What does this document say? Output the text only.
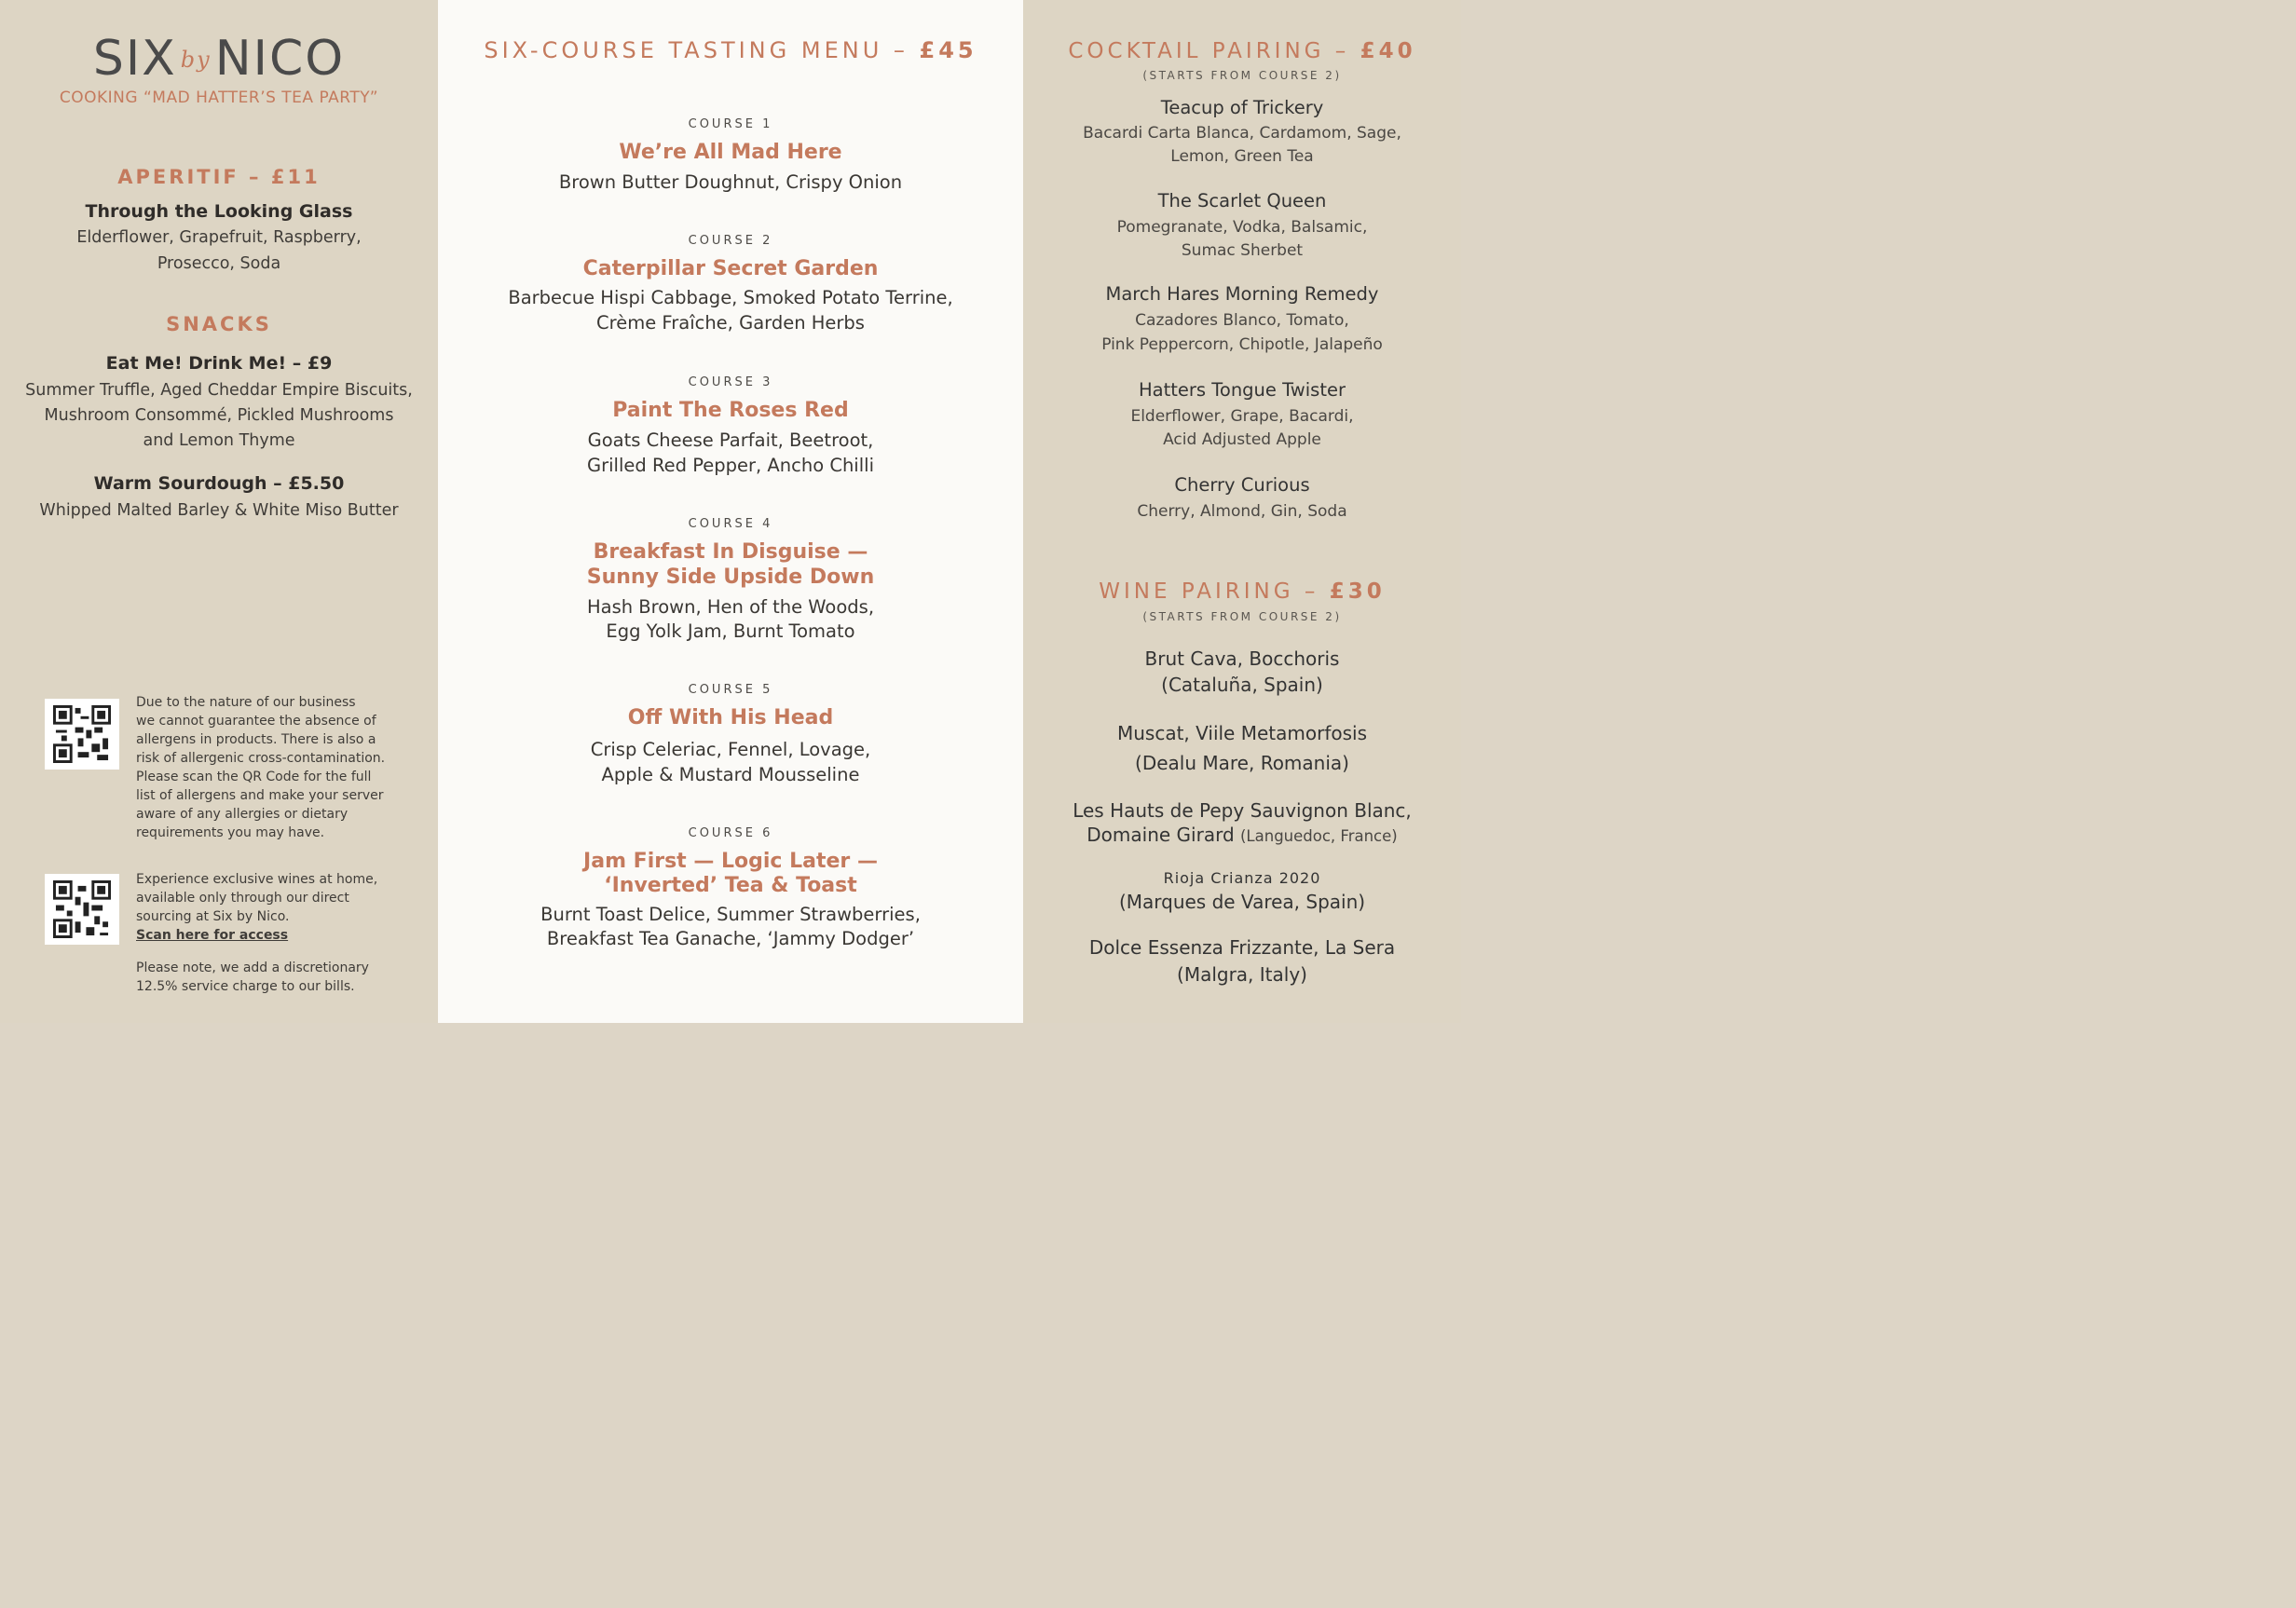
SIX byNICO

COOKING “MAD HATTER’S TEA PARTY”

APERITIF – £11

Through the Looking Glass

Elderflower, Grapefruit, Raspberry,

Prosecco, Soda

SNACKS

Eat Me! Drink Me! – £9

Summer Truffle, Aged Cheddar Empire Biscuits,

Mushroom Consommé, Pickled Mushrooms

and Lemon Thyme

Warm Sourdough – £5.50

Whipped Malted Barley & White Miso Butter

Due to the nature of our business
we cannot guarantee the absence of
allergens in products. There is also a
risk of allergenic cross-contamination.
Please scan the QR Code for the full
list of allergens and make your server
aware of any allergies or dietary
requirements you may have.
Experience exclusive wines at home,
available only through our direct
sourcing at Six by Nico.
Scan here for access
Please note, we add a discretionary
12.5% service charge to our bills.

SIX-COURSE TASTING MENU – £45

COURSE 1

We’re All Mad Here

Brown Butter Doughnut, Crispy Onion

COURSE 2

Caterpillar Secret Garden

Barbecue Hispi Cabbage, Smoked Potato Terrine,

Crème Fraîche, Garden Herbs

COURSE 3

Paint The Roses Red

Goats Cheese Parfait, Beetroot,

Grilled Red Pepper, Ancho Chilli

COURSE 4

Breakfast In Disguise —

Sunny Side Upside Down

Hash Brown, Hen of the Woods,

Egg Yolk Jam, Burnt Tomato

COURSE 5

Off With His Head

Crisp Celeriac, Fennel, Lovage,

Apple & Mustard Mousseline

COURSE 6

Jam First — Logic Later —

‘Inverted’ Tea & Toast

Burnt Toast Delice, Summer Strawberries,

Breakfast Tea Ganache, ‘Jammy Dodger’

COCKTAIL PAIRING – £40

(STARTS FROM COURSE 2)

Teacup of Trickery

Bacardi Carta Blanca, Cardamom, Sage,

Lemon, Green Tea

The Scarlet Queen

Pomegranate, Vodka, Balsamic,

Sumac Sherbet

March Hares Morning Remedy

Cazadores Blanco, Tomato,

Pink Peppercorn, Chipotle, Jalapeño

Hatters Tongue Twister

Elderflower, Grape, Bacardi,

Acid Adjusted Apple

Cherry Curious

Cherry, Almond, Gin, Soda

WINE PAIRING – £30

(STARTS FROM COURSE 2)

Brut Cava, Bocchoris

(Cataluña, Spain)

Muscat, Viile Metamorfosis

(Dealu Mare, Romania)

Les Hauts de Pepy Sauvignon Blanc,

Domaine Girard (Languedoc, France)

Rioja Crianza 2020

(Marques de Varea, Spain)

Dolce Essenza Frizzante, La Sera

(Malgra, Italy)
